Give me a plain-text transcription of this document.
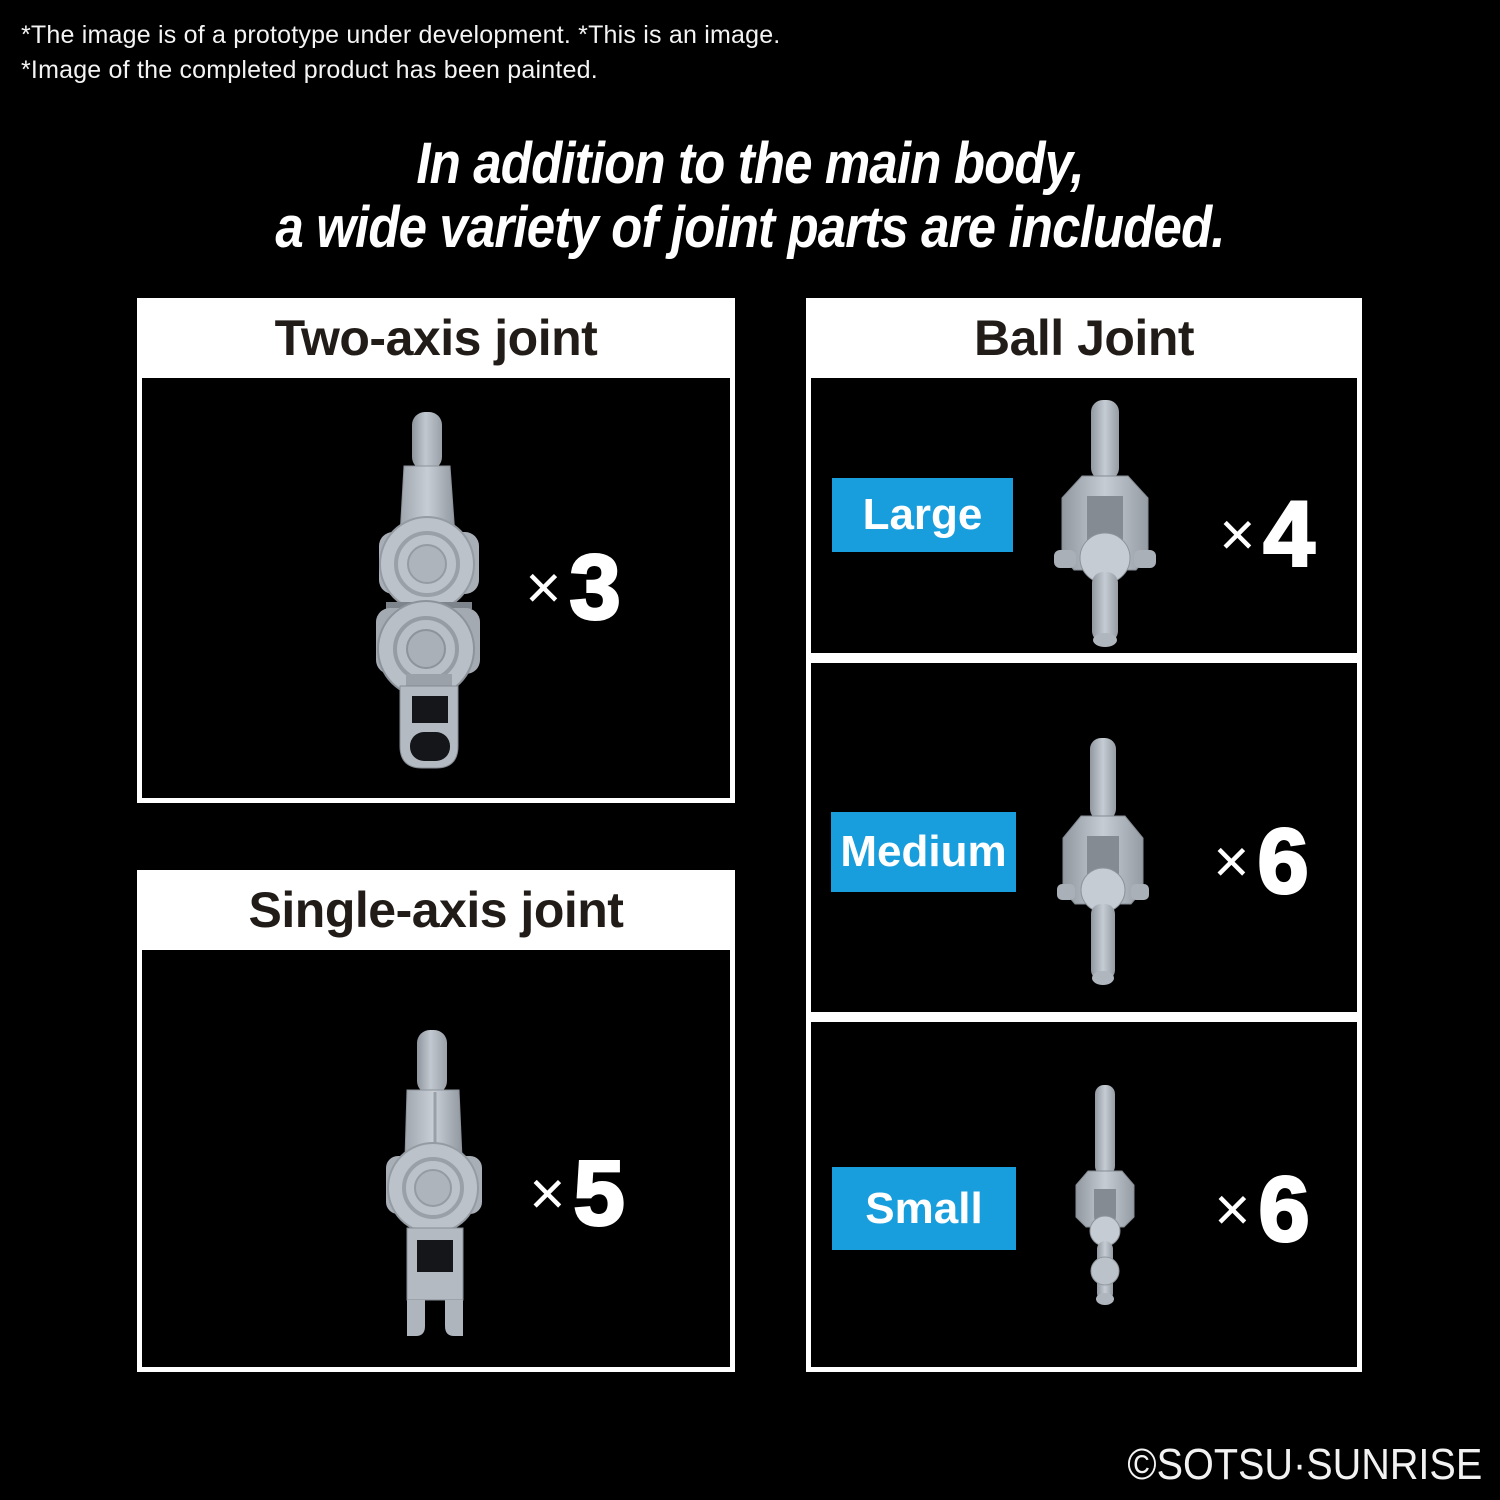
*The image is of a prototype under development. *This is an image.
*Image of the completed product has been painted.
In addition to the main body,
a wide variety of joint parts are included.
Two-axis joint
× 3
Single-axis joint
× 5
Ball Joint
Large	× 4
Medium	× 6
Small	× 6
©SOTSU·SUNRISE
